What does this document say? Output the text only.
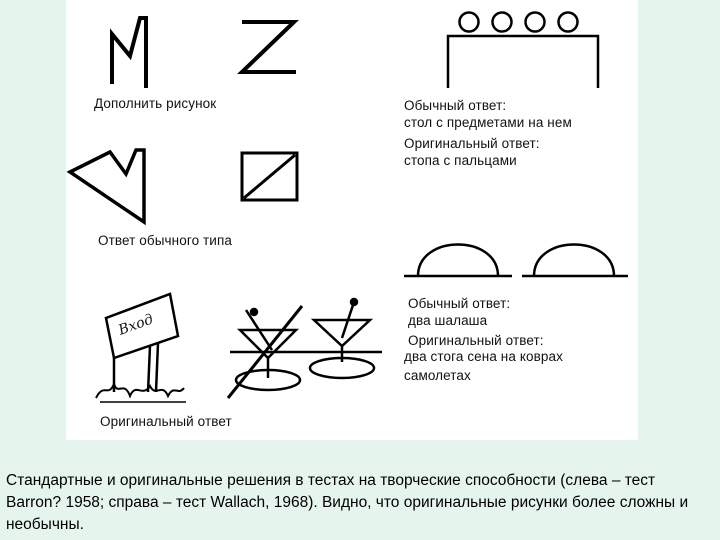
Дополнить рисунок
Ответ обычного типа
Оригинальный ответ
Вход
Обычный ответ:
стол с предметами на нем
Оригинальный ответ:
стопа с пальцами
Обычный ответ:
два шалаша
Оригинальный ответ:
два стога сена на коврах
самолетах
Стандартные и оригинальные решения в тестах на творческие способности (слева – тест Barron? 1958; справа – тест Wallach, 1968). Видно, что оригинальные рисунки более сложны и необычны.
